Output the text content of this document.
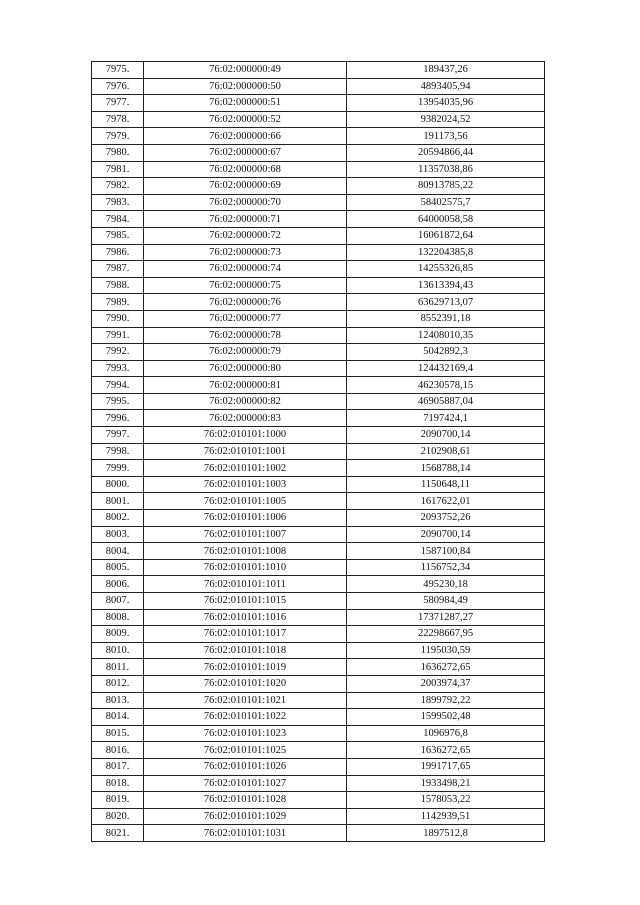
7975.	76:02:000000:49	189437,26
7976.	76:02:000000:50	4893405,94
7977.	76:02:000000:51	13954035,96
7978.	76:02:000000:52	9382024,52
7979.	76:02:000000:66	191173,56
7980.	76:02:000000:67	20594866,44
7981.	76:02:000000:68	11357038,86
7982.	76:02:000000:69	80913785,22
7983.	76:02:000000:70	58402575,7
7984.	76:02:000000:71	64000058,58
7985.	76:02:000000:72	16061872,64
7986.	76:02:000000:73	132204385,8
7987.	76:02:000000:74	14255326,85
7988.	76:02:000000:75	13613394,43
7989.	76:02:000000:76	63629713,07
7990.	76:02:000000:77	8552391,18
7991.	76:02:000000:78	12408010,35
7992.	76:02:000000:79	5042892,3
7993.	76:02:000000:80	124432169,4
7994.	76:02:000000:81	46230578,15
7995.	76:02:000000:82	46905887,04
7996.	76:02:000000:83	7197424,1
7997.	76:02:010101:1000	2090700,14
7998.	76:02:010101:1001	2102908,61
7999.	76:02:010101:1002	1568788,14
8000.	76:02:010101:1003	1150648,11
8001.	76:02:010101:1005	1617622,01
8002.	76:02:010101:1006	2093752,26
8003.	76:02:010101:1007	2090700,14
8004.	76:02:010101:1008	1587100,84
8005.	76:02:010101:1010	1156752,34
8006.	76:02:010101:1011	495230,18
8007.	76:02:010101:1015	580984,49
8008.	76:02:010101:1016	17371287,27
8009.	76:02:010101:1017	22298667,95
8010.	76:02:010101:1018	1195030,59
8011.	76:02:010101:1019	1636272,65
8012.	76:02:010101:1020	2003974,37
8013.	76:02:010101:1021	1899792,22
8014.	76:02:010101:1022	1599502,48
8015.	76:02:010101:1023	1096976,8
8016.	76:02:010101:1025	1636272,65
8017.	76:02:010101:1026	1991717,65
8018.	76:02:010101:1027	1933498,21
8019.	76:02:010101:1028	1578053,22
8020.	76:02:010101:1029	1142939,51
8021.	76:02:010101:1031	1897512,8
